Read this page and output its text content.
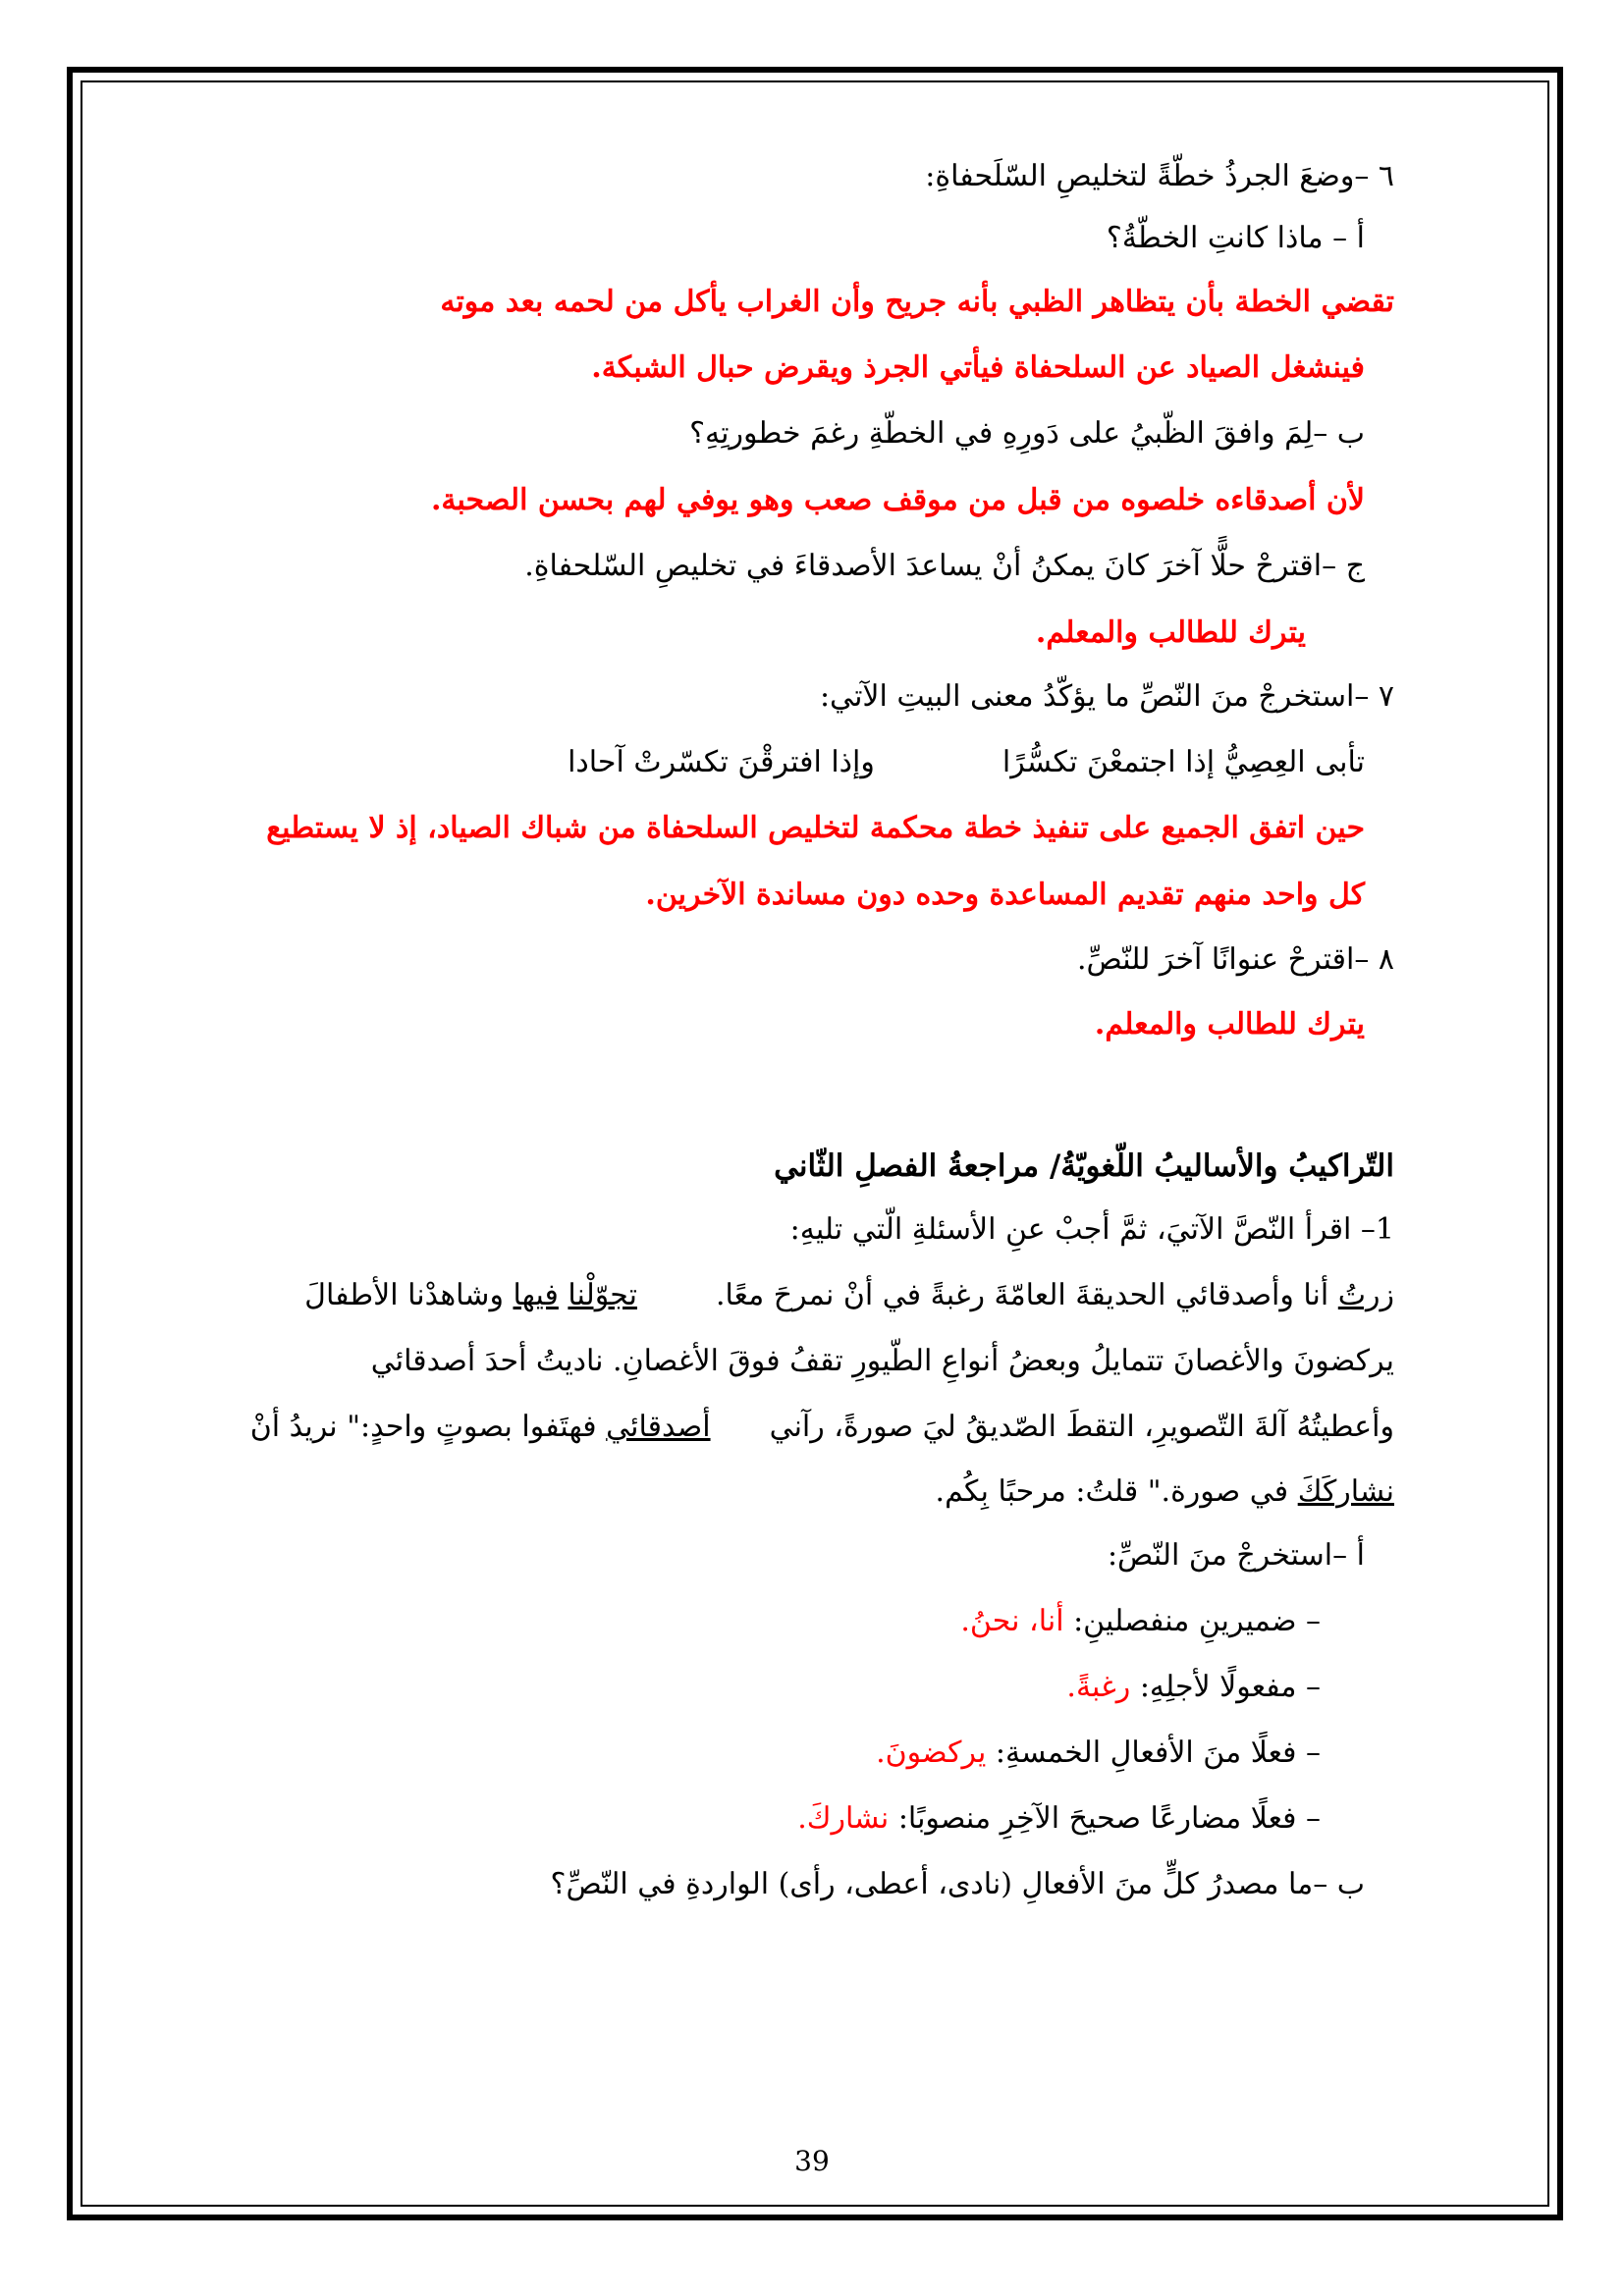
٦ –وضعَ الجرذُ خطّةً لتخليصِ السّلَحفاةِ:
أ – ماذا كانتِ الخطّةُ؟
تقضي الخطة بأن يتظاهر الظبي بأنه جريح وأن الغراب يأكل من لحمه بعد موته
فينشغل الصياد عن السلحفاة فيأتي الجرذ ويقرض حبال الشبكة.
ب –لِمَ وافقَ الظّبيُ على دَورِهِ في الخطّةِ رغمَ خطورتِهِ؟
لأن أصدقاءه خلصوه من قبل من موقف صعب وهو يوفي لهم بحسن الصحبة.
ج –اقترحْ حلًّا آخرَ كانَ يمكنُ أنْ يساعدَ الأصدقاءَ في تخليصِ السّلحفاةِ.
يترك للطالب والمعلم.
٧ –استخرجْ منَ النّصِّ ما يؤكّدُ معنى البيتِ الآتي:
تأبى العِصِيُّ إذا اجتمعْنَ تكسُّرًاوإذا افترقْنَ تكسّرتْ آحادا
حين اتفق الجميع على تنفيذ خطة محكمة لتخليص السلحفاة من شباك الصياد، إذ لا يستطيع
كل واحد منهم تقديم المساعدة وحده دون مساندة الآخرين.
٨ –اقترحْ عنوانًا آخرَ للنّصِّ.
يترك للطالب والمعلم.
التّراكيبُ والأساليبُ اللّغويّةُ/ مراجعةُ الفصلِ الثّاني
1– اقرأ النّصَّ الآتيَ، ثمَّ أجبْ عنِ الأسئلةِ الّتي تليهِ:
زرتُ أنا وأصدقائي الحديقةَ العامّةَ رغبةً في أنْ نمرحَ معًا.تجوّلْنا فيها وشاهدْنا الأطفالَ
يركضونَ والأغصانَ تتمايلُ وبعضُ أنواعِ الطّيورِ تقفُ فوقَ الأغصانِ. ناديتُ أحدَ أصدقائي
وأعطيتُهُ آلةَ التّصويرِ، التقطَ الصّديقُ ليَ صورةً، رآنيأصدقائي فهتَفوا بصوتٍ واحدٍ:" نريدُ أنْ
نشاركَكَ في صورة." قلتُ: مرحبًا بِكُم.
أ –استخرجْ منَ النّصِّ:
– ضميرينِ منفصلينِ: أنا، نحنُ.
– مفعولًا لأجلِهِ: رغبةً.
– فعلًا منَ الأفعالِ الخمسةِ: يركضونَ.
– فعلًا مضارعًا صحيحَ الآخِرِ منصوبًا: نشاركَ.
ب –ما مصدرُ كلٍّ منَ الأفعالِ (نادى، أعطى، رأى) الواردةِ في النّصِّ؟
39
